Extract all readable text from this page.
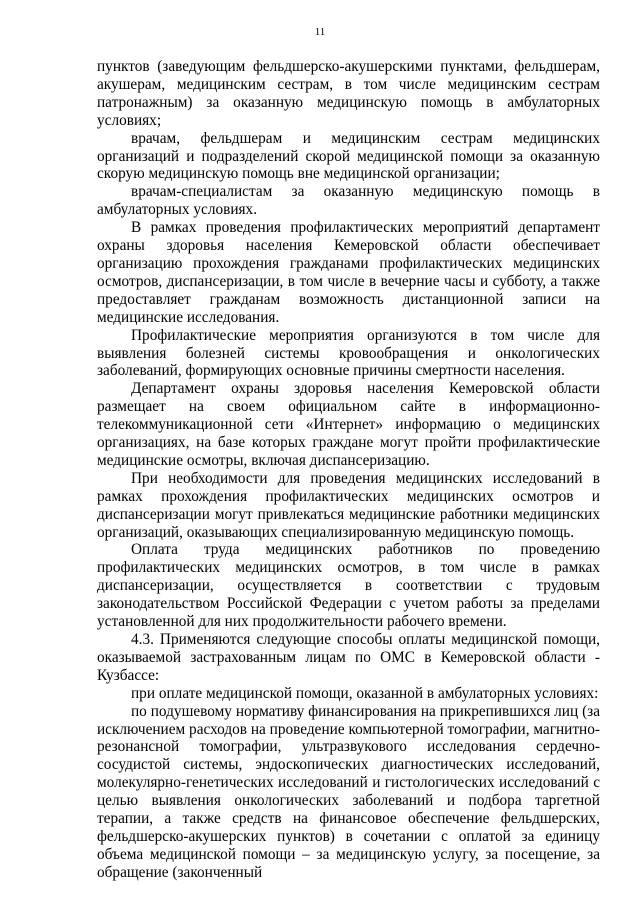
11

пунктов (заведующим фельдшерско-акушерскими пунктами, фельдшерам, акушерам, медицинским сестрам, в том числе медицинским сестрам патронажным) за оказанную медицинскую помощь в амбулаторных условиях;

врачам, фельдшерам и медицинским сестрам медицинских организаций и подразделений скорой медицинской помощи за оказанную скорую медицинскую помощь вне медицинской организации;

врачам-специалистам за оказанную медицинскую помощь в амбулаторных условиях.

В рамках проведения профилактических мероприятий департамент охраны здоровья населения Кемеровской области обеспечивает организацию прохождения гражданами профилактических медицинских осмотров, диспансеризации, в том числе в вечерние часы и субботу, а также предоставляет гражданам возможность дистанционной записи на медицинские исследования.

Профилактические мероприятия организуются в том числе для выявления болезней системы кровообращения и онкологических заболеваний, формирующих основные причины смертности населения.

Департамент охраны здоровья населения Кемеровской области размещает на своем официальном сайте в информационно-телекоммуникационной сети «Интернет» информацию о медицинских организациях, на базе которых граждане могут пройти профилактические медицинские осмотры, включая диспансеризацию.

При необходимости для проведения медицинских исследований в рамках прохождения профилактических медицинских осмотров и диспансеризации могут привлекаться медицинские работники медицинских организаций, оказывающих специализированную медицинскую помощь.

Оплата труда медицинских работников по проведению профилактических медицинских осмотров, в том числе в рамках диспансеризации, осуществляется в соответствии с трудовым законодательством Российской Федерации с учетом работы за пределами установленной для них продолжительности рабочего времени.

4.3. Применяются следующие способы оплаты медицинской помощи, оказываемой застрахованным лицам по ОМС в Кемеровской области - Кузбассе:

при оплате медицинской помощи, оказанной в амбулаторных условиях:

по подушевому нормативу финансирования на прикрепившихся лиц (за исключением расходов на проведение компьютерной томографии, магнитно-резонансной томографии, ультразвукового исследования сердечно-сосудистой системы, эндоскопических диагностических исследований, молекулярно-генетических исследований и гистологических исследований с целью выявления онкологических заболеваний и подбора таргетной терапии, а также средств на финансовое обеспечение фельдшерских, фельдшерско-акушерских пунктов) в сочетании с оплатой за единицу объема медицинской помощи – за медицинскую услугу, за посещение, за обращение (законченный
